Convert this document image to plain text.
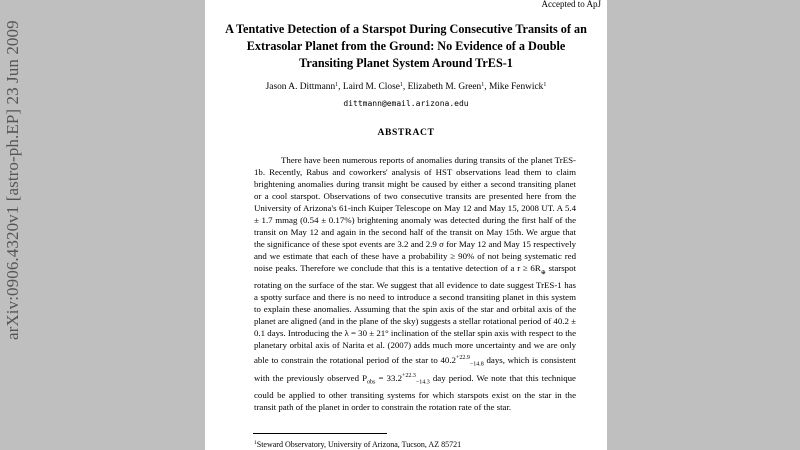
Accepted to ApJ
A Tentative Detection of a Starspot During Consecutive Transits of an Extrasolar Planet from the Ground: No Evidence of a Double Transiting Planet System Around TrES-1
Jason A. Dittmann$^1$, Laird M. Close$^1$, Elizabeth M. Green$^1$, Mike Fenwick$^1$
dittmann@email.arizona.edu
ABSTRACT

There have been numerous reports of anomalies during transits of the planet TrES-1b. Recently, Rabus and coworkers' analysis of HST observations lead them to claim brightening anomalies during transit might be caused by either a second transiting planet or a cool starspot. Observations of two consecutive transits are presented here from the University of Arizona's 61-inch Kuiper Telescope on May 12 and May 15, 2008 UT. A 5.4 ± 1.7 mmag (0.54 ± 0.17%) brightening anomaly was detected during the first half of the transit on May 12 and again in the second half of the transit on May 15th. We argue that the significance of these spot events are 3.2 and 2.9 σ for May 12 and May 15 respectively and we estimate that each of these have a probability ≥ 90% of not being systematic red noise peaks. Therefore we conclude that this is a tentative detection of a $r \ge 6R_\oplus$ starspot rotating on the surface of the star. We suggest that all evidence to date suggest TrES-1 has a spotty surface and there is no need to introduce a second transiting planet in this system to explain these anomalies. Assuming that the spin axis of the star and orbital axis of the planet are aligned (and in the plane of the sky) suggests a stellar rotational period of 40.2 ± 0.1 days. Introducing the λ = 30 ± 21° inclination of the stellar spin axis with respect to the planetary orbital axis of Narita et al. (2007) adds much more uncertainty and we are only able to constrain the rotational period of the star to $40.2^{+22.9}_{-14.8}$ days, which is consistent with the previously observed $P_{obs} = 33.2^{+22.3}_{-14.3}$ day period. We note that this technique could be applied to other transiting systems for which starspots exist on the star in the transit path of the planet in order to constrain the rotation rate of the star.

$^1$Steward Observatory, University of Arizona, Tucson, AZ 85721
arXiv:0906.4320v1 [astro-ph.EP] 23 Jun 2009
